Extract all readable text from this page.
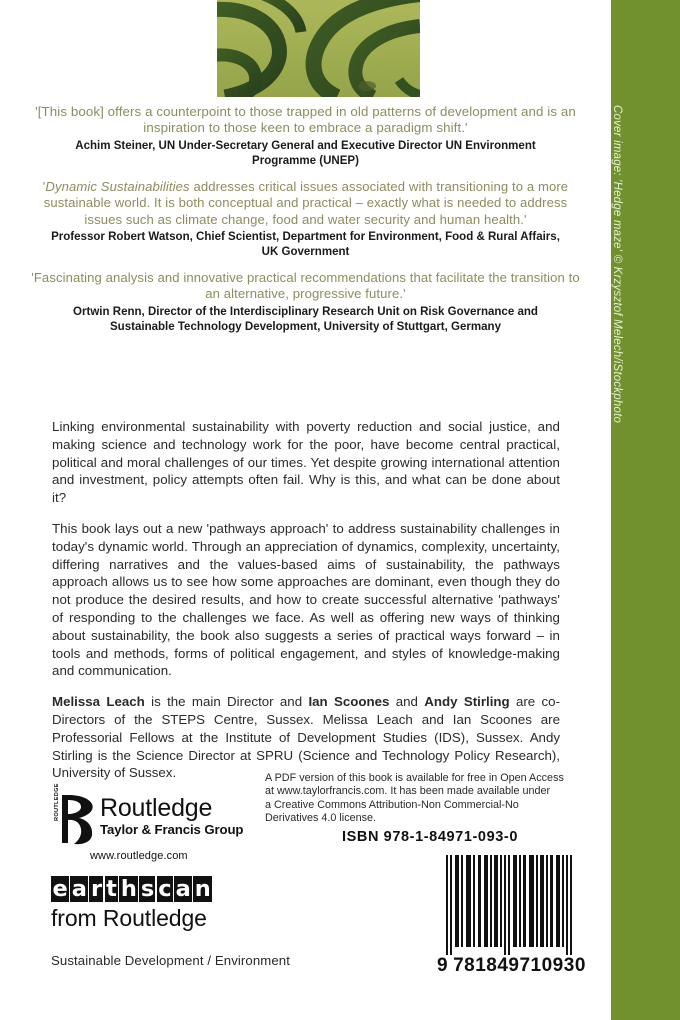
'[This book] offers a counterpoint to those trapped in old patterns of development and is an inspiration to those keen to embrace a paradigm shift.'
Achim Steiner, UN Under-Secretary General and Executive Director UN Environment Programme (UNEP)
'Dynamic Sustainabilities addresses critical issues associated with transitioning to a more sustainable world. It is both conceptual and practical – exactly what is needed to address issues such as climate change, food and water security and human health.'
Professor Robert Watson, Chief Scientist, Department for Environment, Food & Rural Affairs, UK Government
'Fascinating analysis and innovative practical recommendations that facilitate the transition to an alternative, progressive future.'
Ortwin Renn, Director of the Interdisciplinary Research Unit on Risk Governance and Sustainable Technology Development, University of Stuttgart, Germany

Linking environmental sustainability with poverty reduction and social justice, and making science and technology work for the poor, have become central practical, political and moral challenges of our times. Yet despite growing international attention and investment, policy attempts often fail. Why is this, and what can be done about it?

This book lays out a new 'pathways approach' to address sustainability challenges in today's dynamic world. Through an appreciation of dynamics, complexity, uncertainty, differing narratives and the values-based aims of sustainability, the pathways approach allows us to see how some approaches are dominant, even though they do not produce the desired results, and how to create successful alternative 'pathways' of responding to the challenges we face. As well as offering new ways of thinking about sustainability, the book also suggests a series of practical ways forward – in tools and methods, forms of political engagement, and styles of knowledge-making and communication.

Melissa Leach is the main Director and Ian Scoones and Andy Stirling are co-Directors of the STEPS Centre, Sussex. Melissa Leach and Ian Scoones are Professorial Fellows at the Institute of Development Studies (IDS), Sussex. Andy Stirling is the Science Director at SPRU (Science and Technology Policy Research), University of Sussex.	A PDF version of this book is available for free in Open Access
at www.taylorfrancis.com. It has been made available under
a Creative Commons Attribution-Non Commercial-No
Derivatives 4.0 license.
ISBN 978-1-84971-093-0
ROUTLEDGE Routledge
Taylor & Francis Group
www.routledge.com
e a r t h s c a n
from Routledge
Sustainable Development / Environment	9 781849710930
Cover image: 'Hedge maze' © Krzysztof Melech/iStockphoto
